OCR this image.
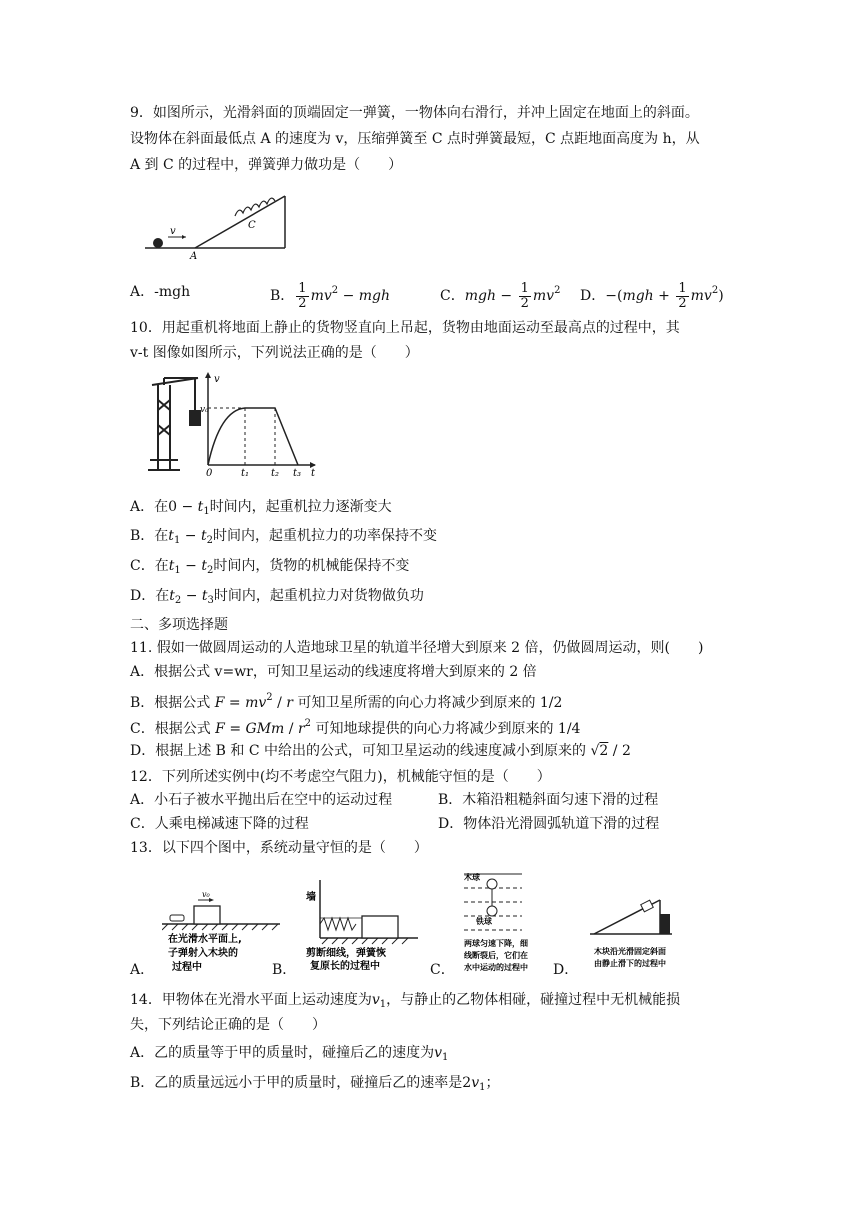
9．如图所示，光滑斜面的顶端固定一弹簧，一物体向右滑行，并冲上固定在地面上的斜面。
设物体在斜面最低点 A 的速度为 v，压缩弹簧至 C 点时弹簧最短，C 点距地面高度为 h，从
A 到 C 的过程中，弹簧弹力做功是（　　）
v
A
C
A．-mgh	B． $\frac{1}{2} mv^2$ − mgh	C．mgh − $\frac{1}{2} mv^2$ D．$-(mgh + \frac{1}{2} mv^2)$
10．用起重机将地面上静止的货物竖直向上吊起，货物由地面运动至最高点的过程中，其
v-t 图像如图所示，下列说法正确的是（　　）
v
v₀
0	t₁ t₂ t₃ t
A．在$0 - t_1$时间内，起重机拉力逐渐变大
B．在$t_1 - t_2$时间内，起重机拉力的功率保持不变
C．在$t_1 - t_2$时间内，货物的机械能保持不变
D．在$t_2 - t_3$时间内，起重机拉力对货物做负功
二、多项选择题
11. 假如一做圆周运动的人造地球卫星的轨道半径增大到原来 2 倍，仍做圆周运动，则(　　)
A．根据公式 v=wr，可知卫星运动的线速度将增大到原来的 2 倍
B．根据公式 $F = mv^2 / r$ 可知卫星所需的向心力将减少到原来的 1/2
C．根据公式 F = GMm / $r^2$ 可知地球提供的向心力将减少到原来的 1/4
D．根据上述 B 和 C 中给出的公式，可知卫星运动的线速度减小到原来的 √2 / 2
12．下列所述实例中(均不考虑空气阻力)，机械能守恒的是（　　）
A．小石子被水平抛出后在空中的运动过程	B．木箱沿粗糙斜面匀速下滑的过程
C．人乘电梯减速下降的过程	D．物体沿光滑圆弧轨道下滑的过程
13．以下四个图中，系统动量守恒的是（　　）
A．
v₀
在光滑水平面上,
子弹射入木块的
过程中	B．
墙
剪断细线，弹簧恢
复原长的过程中	C．
木球
铁球
两球匀速下降，细
线断裂后，它们在
水中运动的过程中 D．
木块沿光滑固定斜面
由静止滑下的过程中
14．甲物体在光滑水平面上运动速度为$v_1$，与静止的乙物体相碰，碰撞过程中无机械能损
失，下列结论正确的是（　　）
A．乙的质量等于甲的质量时，碰撞后乙的速度为$v_1$
B．乙的质量远远小于甲的质量时，碰撞后乙的速率是$2v_1$；
